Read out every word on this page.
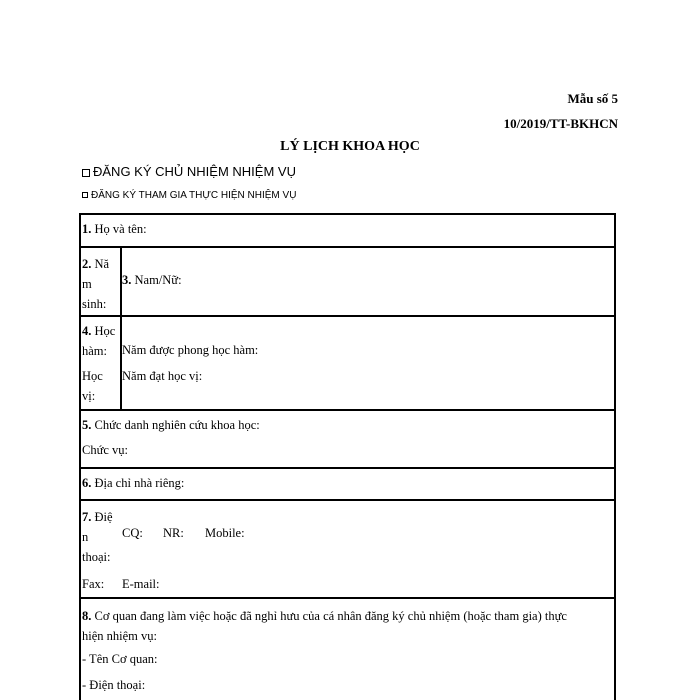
Mẫu số 5
10/2019/TT-BKHCN
LÝ LỊCH KHOA HỌC
ĐĂNG KÝ CHỦ NHIỆM NHIỆM VỤ
ĐĂNG KÝ THAM GIA THỰC HIỆN NHIỆM VỤ
1. Họ và tên:
2. Nă
m
sinh:
3. Nam/Nữ:
4. Học
hàm:	Năm được phong học hàm:
Học
vị:
Năm đạt học vị:
5. Chức danh nghiên cứu khoa học:
Chức vụ:
6. Địa chỉ nhà riêng:
7. Điệ
n
thoại:
CQ: NR: Mobile:
Fax: E-mail:
8. Cơ quan đang làm việc hoặc đã nghỉ hưu của cá nhân đăng ký chủ nhiệm (hoặc tham gia) thực
hiện nhiệm vụ:
- Tên Cơ quan:
- Điện thoại:
